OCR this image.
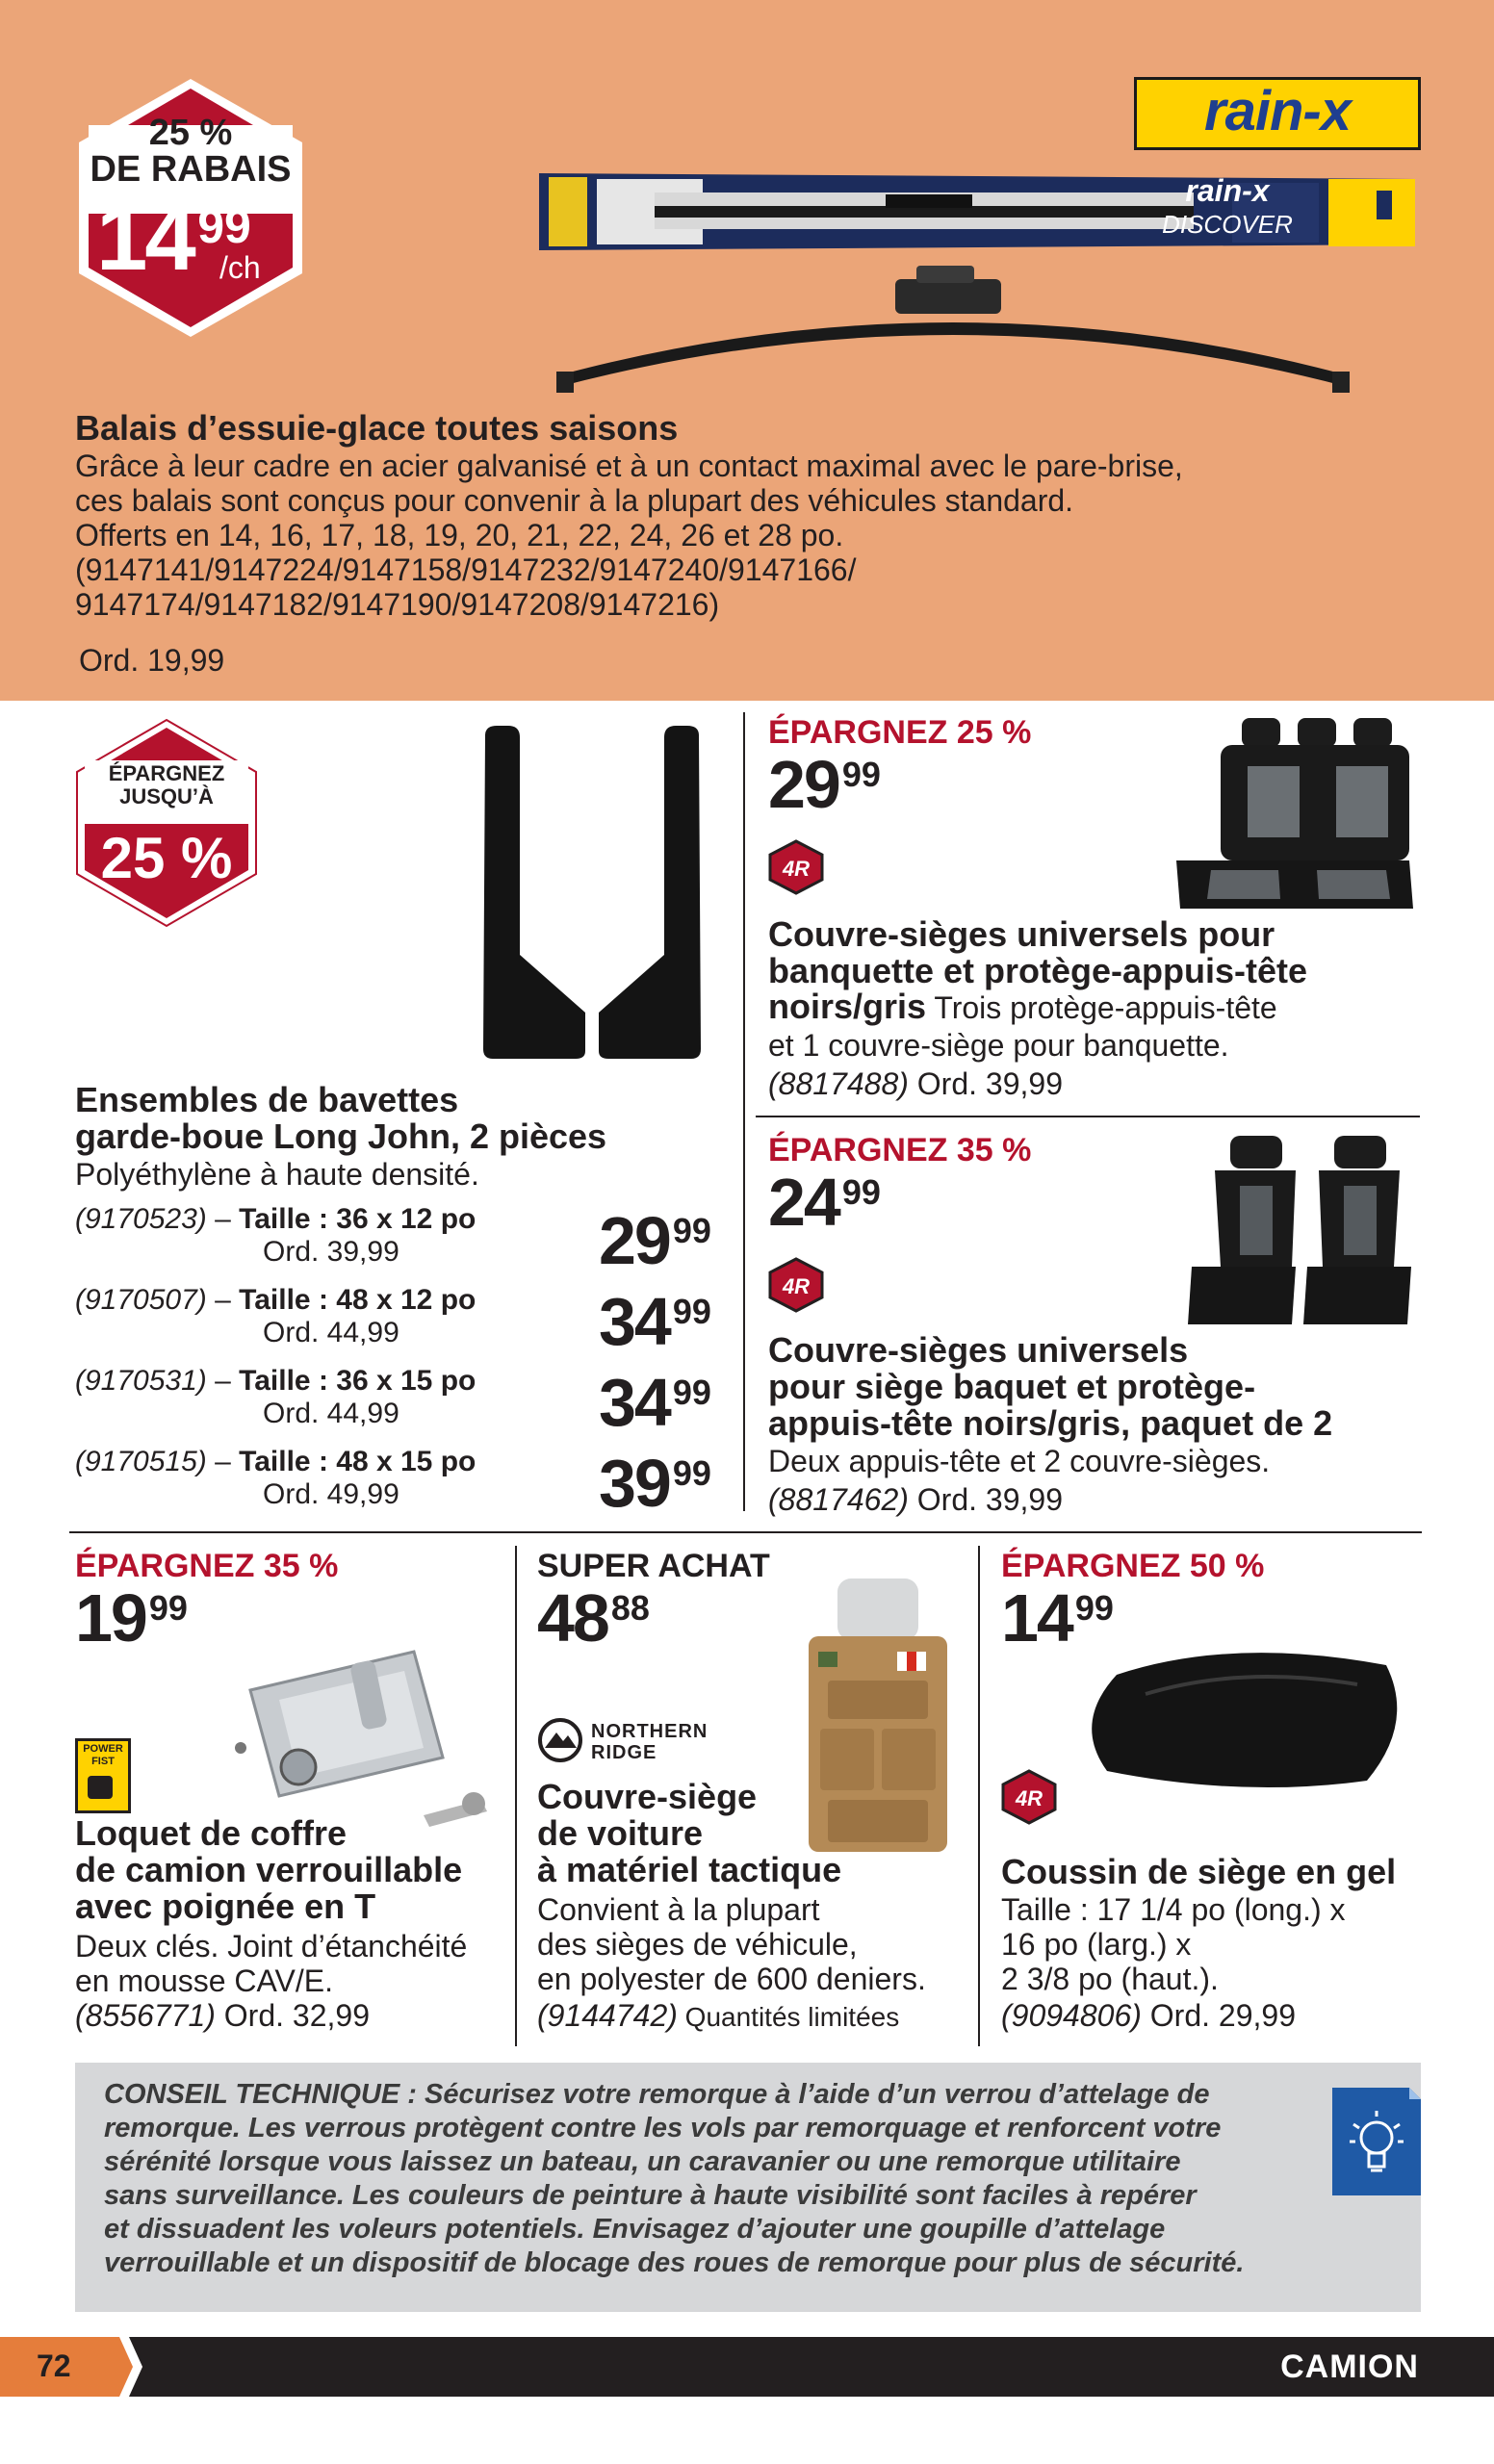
25 %
DE RABAIS
14 99
/ch
rain-x
rain-x
DISCOVER
Balais d’essuie-glace toutes saisons
Grâce à leur cadre en acier galvanisé et à un contact maximal avec le pare-brise,
ces balais sont conçus pour convenir à la plupart des véhicules standard.
Offerts en 14, 16, 17, 18, 19, 20, 21, 22, 24, 26 et 28 po.
(9147141/9147224/9147158/9147232/9147240/9147166/
9147174/9147182/9147190/9147208/9147216)
Ord. 19,99
ÉPARGNEZ
JUSQU’À
25 %
Ensembles de bavettes
garde-boue Long John, 2 pièces
Polyéthylène à haute densité.
(9170523) – Taille : 36 x 12 po
Ord. 39,99	2999
(9170507) – Taille : 48 x 12 po
Ord. 44,99	3499
(9170531) – Taille : 36 x 15 po
Ord. 44,99	3499
(9170515) – Taille : 48 x 15 po
Ord. 49,99	3999
ÉPARGNEZ 25 %
2999
4R
Couvre-sièges universels pour
banquette et protège-appuis-tête
noirs/gris Trois protège-appuis-tête
et 1 couvre-siège pour banquette.
(8817488) Ord. 39,99
ÉPARGNEZ 35 %
2499
4R
Couvre-sièges universels
pour siège baquet et protège-
appuis-tête noirs/gris, paquet de 2
Deux appuis-tête et 2 couvre-sièges.
(8817462) Ord. 39,99
ÉPARGNEZ 35 %
1999
POWER
FIST
Loquet de coffre
de camion verrouillable
avec poignée en T
Deux clés. Joint d’étanchéité
en mousse CAV/E.
(8556771) Ord. 32,99
SUPER ACHAT
4888
NORTHERN
RIDGE
Couvre-siège
de voiture
à matériel tactique
Convient à la plupart
des sièges de véhicule,
en polyester de 600 deniers.
(9144742) Quantités limitées
ÉPARGNEZ 50 %
1499
4R
Coussin de siège en gel
Taille : 17 1/4 po (long.) x
16 po (larg.) x
2 3/8 po (haut.).
(9094806) Ord. 29,99
CONSEIL TECHNIQUE : Sécurisez votre remorque à l’aide d’un verrou d’attelage de
remorque. Les verrous protègent contre les vols par remorquage et renforcent votre
sérénité lorsque vous laissez un bateau, un caravanier ou une remorque utilitaire
sans surveillance. Les couleurs de peinture à haute visibilité sont faciles à repérer
et dissuadent les voleurs potentiels. Envisagez d’ajouter une goupille d’attelage
verrouillable et un dispositif de blocage des roues de remorque pour plus de sécurité.
72	CAMION
